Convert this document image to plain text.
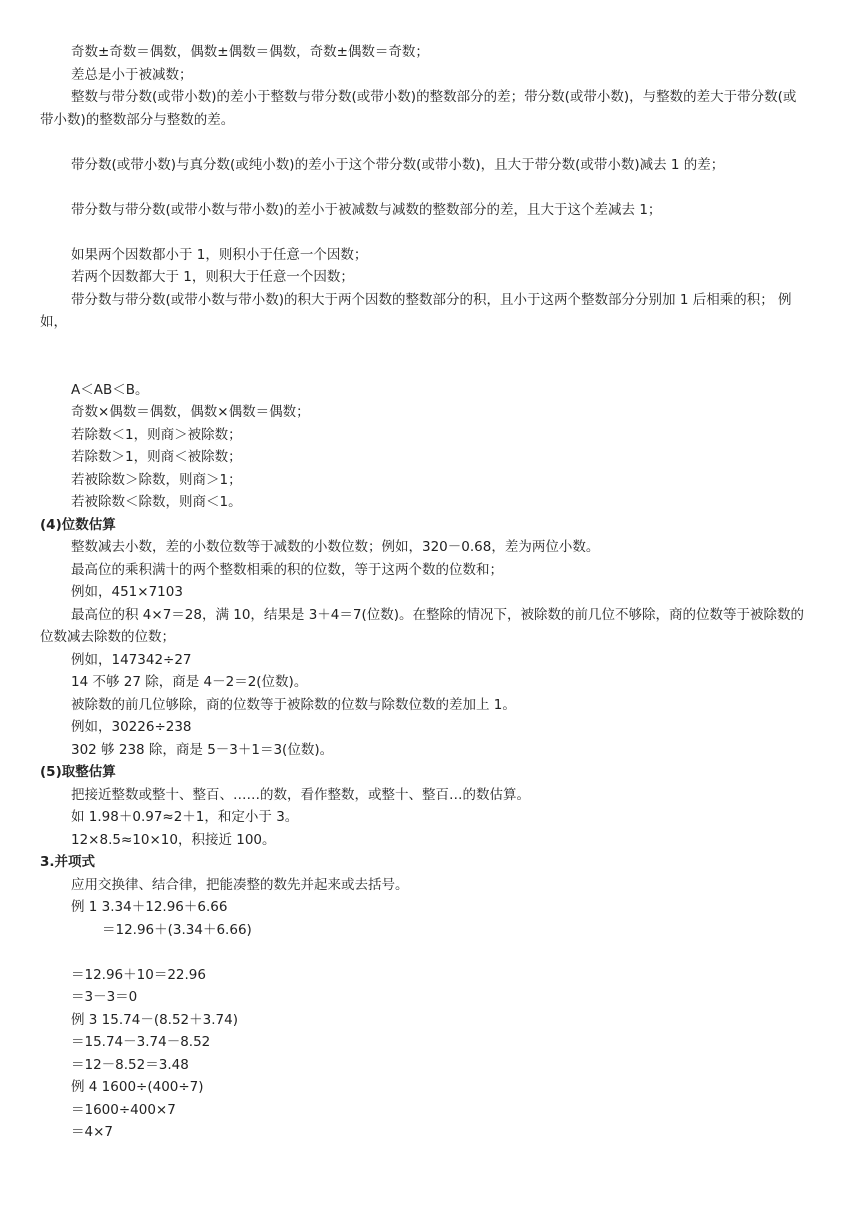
奇数±奇数＝偶数，偶数±偶数＝偶数，奇数±偶数＝奇数；
差总是小于被减数；
整数与带分数(或带小数)的差小于整数与带分数(或带小数)的整数部分的差；带分数(或带小数)，与整数的差大于带分数(或带小数)的整数部分与整数的差。
带分数(或带小数)与真分数(或纯小数)的差小于这个带分数(或带小数)，且大于带分数(或带小数)减去 1 的差；
带分数与带分数(或带小数与带小数)的差小于被减数与减数的整数部分的差，且大于这个差减去 1；
如果两个因数都小于 1，则积小于任意一个因数；
若两个因数都大于 1，则积大于任意一个因数；
带分数与带分数(或带小数与带小数)的积大于两个因数的整数部分的积，且小于这两个整数部分分别加 1 后相乘的积； 例如，
A＜AB＜B。
奇数×偶数＝偶数，偶数×偶数＝偶数；
若除数＜1，则商＞被除数；
若除数＞1，则商＜被除数；
若被除数＞除数，则商＞1；
若被除数＜除数，则商＜1。
(4)位数估算
整数减去小数，差的小数位数等于减数的小数位数；例如，320－0.68，差为两位小数。
最高位的乘积满十的两个整数相乘的积的位数，等于这两个数的位数和；
例如，451×7103
最高位的积 4×7＝28，满 10，结果是 3＋4＝7(位数)。在整除的情况下，被除数的前几位不够除，商的位数等于被除数的位数减去除数的位数；
例如，147342÷27
14 不够 27 除，商是 4－2＝2(位数)。
被除数的前几位够除，商的位数等于被除数的位数与除数位数的差加上 1。
例如，30226÷238
302 够 238 除，商是 5－3＋1＝3(位数)。
(5)取整估算
把接近整数或整十、整百、……的数，看作整数，或整十、整百…的数估算。
如 1.98＋0.97≈2＋1，和定小于 3。
12×8.5≈10×10，积接近 100。
3.并项式
应用交换律、结合律，把能凑整的数先并起来或去括号。
例 1 3.34＋12.96＋6.66
＝12.96＋(3.34＋6.66)
＝12.96＋10＝22.96
＝3－3＝0
例 3 15.74－(8.52＋3.74)
＝15.74－3.74－8.52
＝12－8.52＝3.48
例 4 1600÷(400÷7)
＝1600÷400×7
＝4×7
